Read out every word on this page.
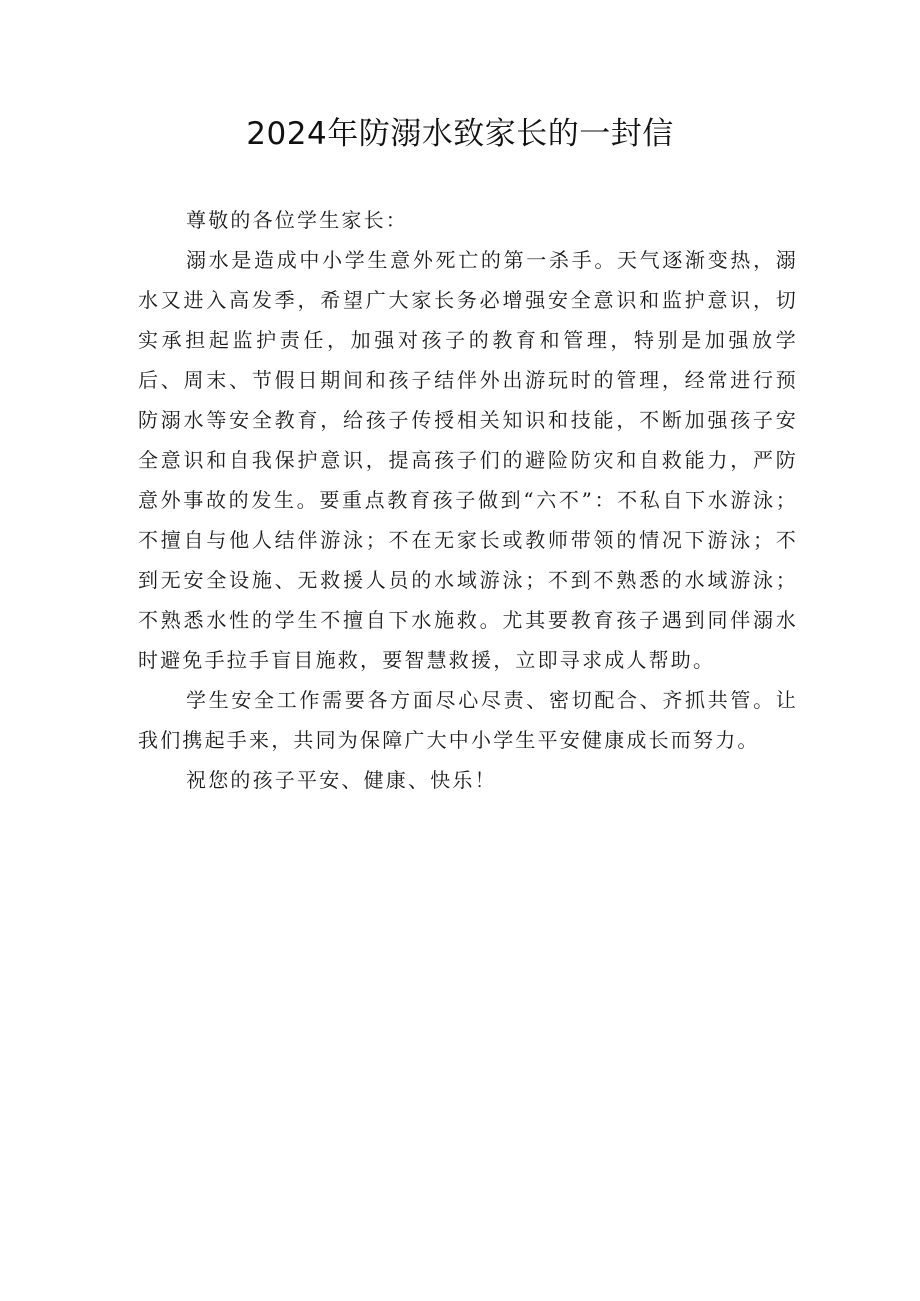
2024年防溺水致家长的一封信

尊敬的各位学生家长：

溺水是造成中小学生意外死亡的第一杀手。天气逐渐变热，溺水又进入高发季，希望广大家长务必增强安全意识和监护意识，切实承担起监护责任，加强对孩子的教育和管理，特别是加强放学后、周末、节假日期间和孩子结伴外出游玩时的管理，经常进行预防溺水等安全教育，给孩子传授相关知识和技能，不断加强孩子安全意识和自我保护意识，提高孩子们的避险防灾和自救能力，严防意外事故的发生。要重点教育孩子做到“六不”：不私自下水游泳；不擅自与他人结伴游泳；不在无家长或教师带领的情况下游泳；不到无安全设施、无救援人员的水域游泳；不到不熟悉的水域游泳；不熟悉水性的学生不擅自下水施救。尤其要教育孩子遇到同伴溺水时避免手拉手盲目施救，要智慧救援，立即寻求成人帮助。

学生安全工作需要各方面尽心尽责、密切配合、齐抓共管。让我们携起手来，共同为保障广大中小学生平安健康成长而努力。

祝您的孩子平安、健康、快乐！
